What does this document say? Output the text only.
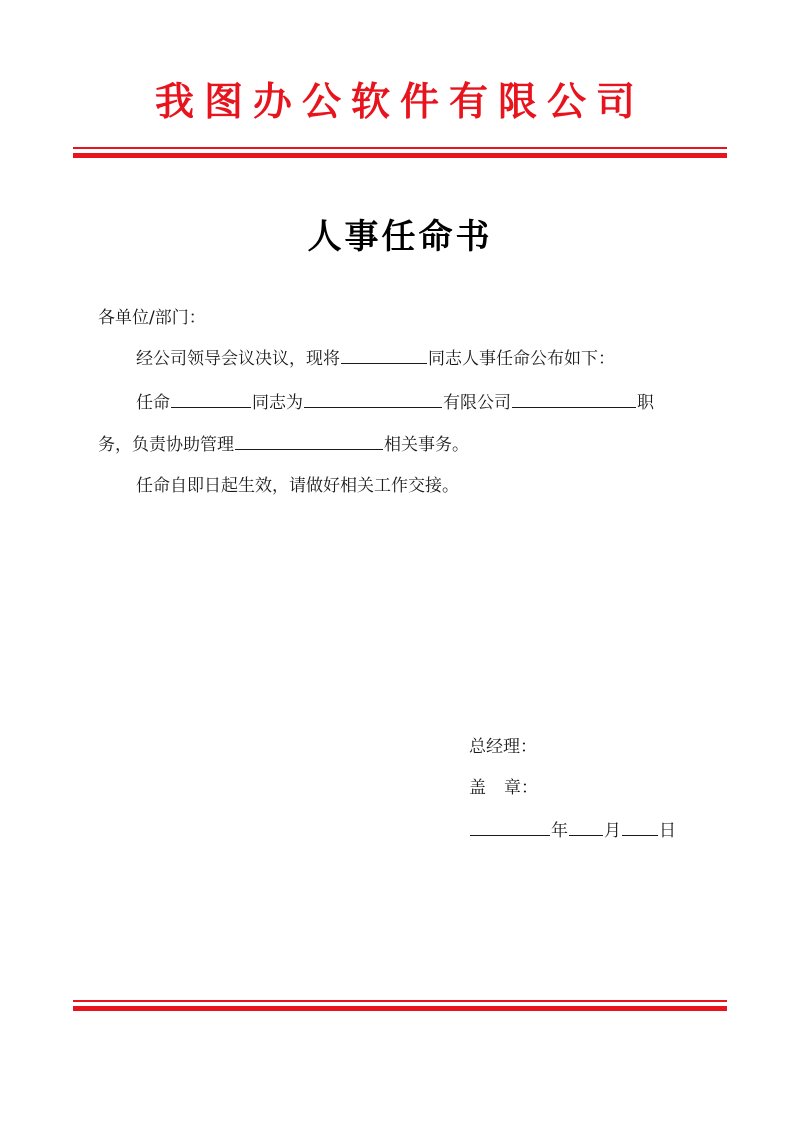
我图办公软件有限公司
人事任命书
各单位/部门：
经公司领导会议决议，现将	同志人事任命公布如下：
任命	同志为	有限公司	职
务，负责协助管理	相关事务。
任命自即日起生效，请做好相关工作交接。
总经理：
盖 章：
年 月 日
